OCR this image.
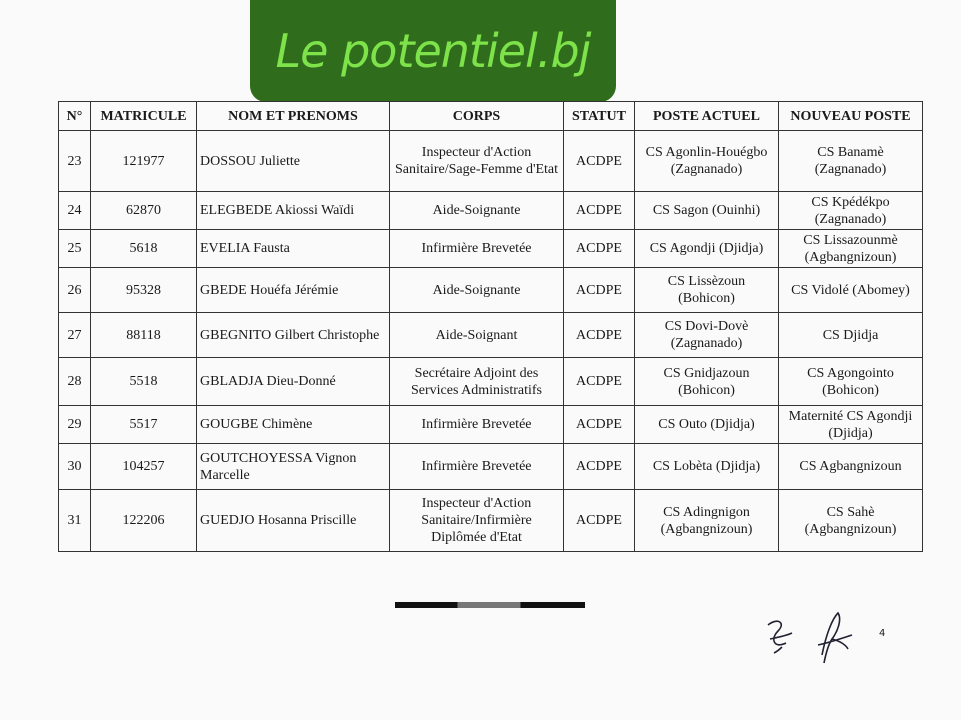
Le potentiel.bj
N°	MATRICULE	NOM ET PRENOMS	CORPS	STATUT	POSTE ACTUEL	NOUVEAU POSTE
23	121977	DOSSOU Juliette	Inspecteur d'Action Sanitaire/Sage-Femme d'Etat	ACDPE	CS Agonlin-Houégbo (Zagnanado)	CS Banamè (Zagnanado)
24	62870	ELEGBEDE Akiossi Waïdi	Aide-Soignante	ACDPE	CS Sagon (Ouinhi)	CS Kpédékpo (Zagnanado)
25	5618	EVELIA Fausta	Infirmière Brevetée	ACDPE	CS Agondji (Djidja)	CS Lissazounmè (Agbangnizoun)
26	95328	GBEDE Houéfa Jérémie	Aide-Soignante	ACDPE	CS Lissèzoun (Bohicon)	CS Vidolé (Abomey)
27	88118	GBEGNITO Gilbert Christophe	Aide-Soignant	ACDPE	CS Dovi-Dovè (Zagnanado)	CS Djidja
28	5518	GBLADJA Dieu-Donné	Secrétaire Adjoint des Services Administratifs	ACDPE	CS Gnidjazoun (Bohicon)	CS Agongointo (Bohicon)
29	5517	GOUGBE Chimène	Infirmière Brevetée	ACDPE	CS Outo (Djidja)	Maternité CS Agondji (Djidja)
30	104257	GOUTCHOYESSA Vignon Marcelle	Infirmière Brevetée	ACDPE	CS Lobèta (Djidja)	CS Agbangnizoun
31	122206	GUEDJO Hosanna Priscille	Inspecteur d'Action Sanitaire/Infirmière Diplômée d'Etat	ACDPE	CS Adingnigon (Agbangnizoun)	CS Sahè (Agbangnizoun)
4
